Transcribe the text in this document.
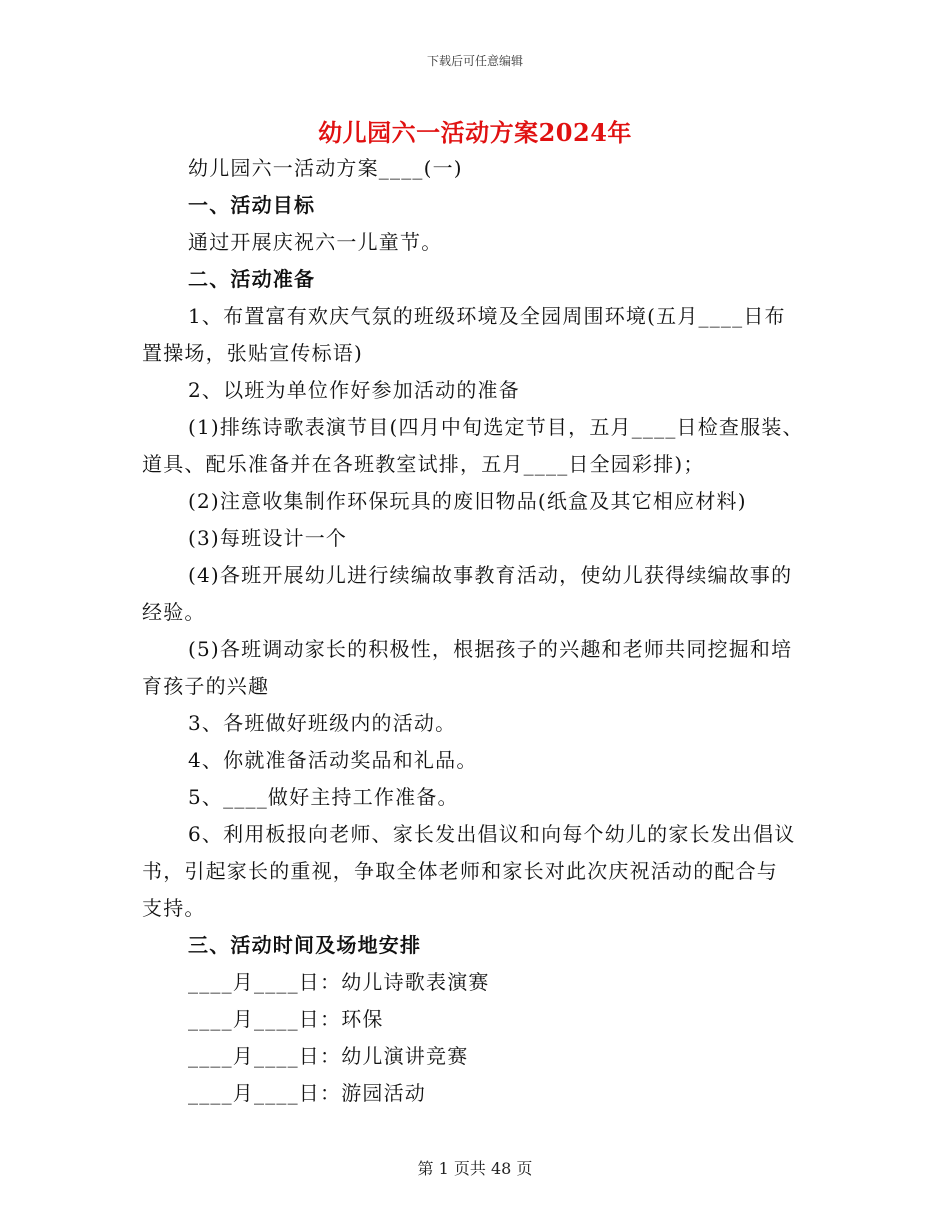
下载后可任意编辑
幼儿园六一活动方案2024年
幼儿园六一活动方案____(一)
一、活动目标
通过开展庆祝六一儿童节。
二、活动准备
1、布置富有欢庆气氛的班级环境及全园周围环境(五月____日布
置操场，张贴宣传标语)
2、以班为单位作好参加活动的准备
(1)排练诗歌表演节目(四月中旬选定节目，五月____日检查服装、
道具、配乐准备并在各班教室试排，五月____日全园彩排)；
(2)注意收集制作环保玩具的废旧物品(纸盒及其它相应材料)
(3)每班设计一个
(4)各班开展幼儿进行续编故事教育活动，使幼儿获得续编故事的
经验。
(5)各班调动家长的积极性，根据孩子的兴趣和老师共同挖掘和培
育孩子的兴趣
3、各班做好班级内的活动。
4、你就准备活动奖品和礼品。
5、____做好主持工作准备。
6、利用板报向老师、家长发出倡议和向每个幼儿的家长发出倡议
书，引起家长的重视，争取全体老师和家长对此次庆祝活动的配合与
支持。
三、活动时间及场地安排
____月____日：幼儿诗歌表演赛
____月____日：环保
____月____日：幼儿演讲竞赛
____月____日：游园活动
第 1 页共 48 页
